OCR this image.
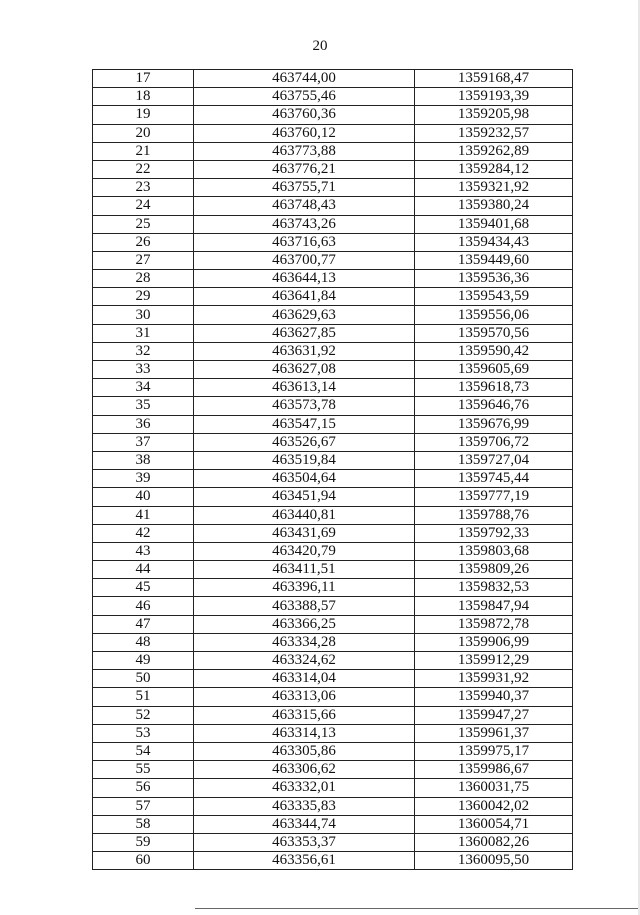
20
17	463744,00	1359168,47
18	463755,46	1359193,39
19	463760,36	1359205,98
20	463760,12	1359232,57
21	463773,88	1359262,89
22	463776,21	1359284,12
23	463755,71	1359321,92
24	463748,43	1359380,24
25	463743,26	1359401,68
26	463716,63	1359434,43
27	463700,77	1359449,60
28	463644,13	1359536,36
29	463641,84	1359543,59
30	463629,63	1359556,06
31	463627,85	1359570,56
32	463631,92	1359590,42
33	463627,08	1359605,69
34	463613,14	1359618,73
35	463573,78	1359646,76
36	463547,15	1359676,99
37	463526,67	1359706,72
38	463519,84	1359727,04
39	463504,64	1359745,44
40	463451,94	1359777,19
41	463440,81	1359788,76
42	463431,69	1359792,33
43	463420,79	1359803,68
44	463411,51	1359809,26
45	463396,11	1359832,53
46	463388,57	1359847,94
47	463366,25	1359872,78
48	463334,28	1359906,99
49	463324,62	1359912,29
50	463314,04	1359931,92
51	463313,06	1359940,37
52	463315,66	1359947,27
53	463314,13	1359961,37
54	463305,86	1359975,17
55	463306,62	1359986,67
56	463332,01	1360031,75
57	463335,83	1360042,02
58	463344,74	1360054,71
59	463353,37	1360082,26
60	463356,61	1360095,50
